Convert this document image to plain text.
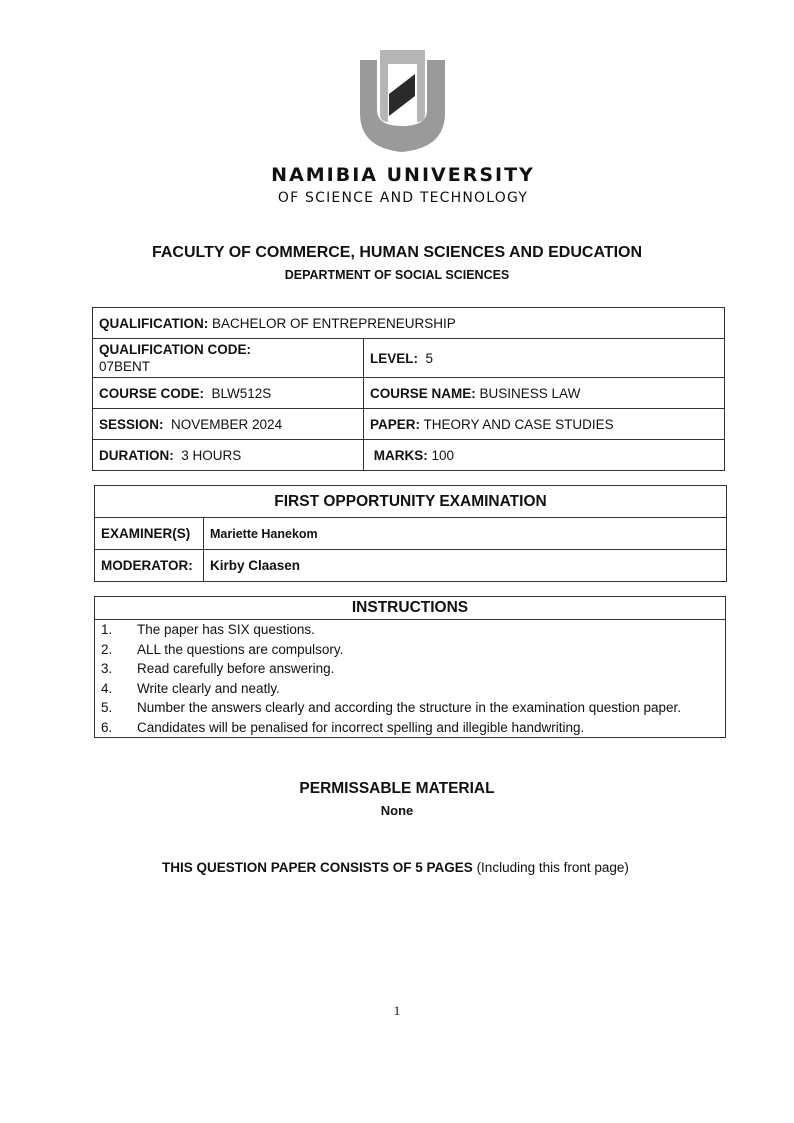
NAMIBIA UNIVERSITY
OF SCIENCE AND TECHNOLOGY
FACULTY OF COMMERCE, HUMAN SCIENCES AND EDUCATION
DEPARTMENT OF SOCIAL SCIENCES
QUALIFICATION: BACHELOR OF ENTREPRENEURSHIP	
QUALIFICATION CODE:
07BENT	LEVEL: 5
COURSE CODE: BLW512S	COURSE NAME: BUSINESS LAW
SESSION: NOVEMBER 2024	PAPER: THEORY AND CASE STUDIES
DURATION: 3 HOURS	MARKS: 100
FIRST OPPORTUNITY EXAMINATION	
EXAMINER(S)	Mariette Hanekom
MODERATOR:	Kirby Claasen
INSTRUCTIONS
1.	The paper has SIX questions.
2.	ALL the questions are compulsory.
3.	Read carefully before answering.
4.	Write clearly and neatly.
5.	Number the answers clearly and according the structure in the examination question paper.
6.	Candidates will be penalised for incorrect spelling and illegible handwriting.
PERMISSABLE MATERIAL
None
THIS QUESTION PAPER CONSISTS OF 5 PAGES (Including this front page)
1
